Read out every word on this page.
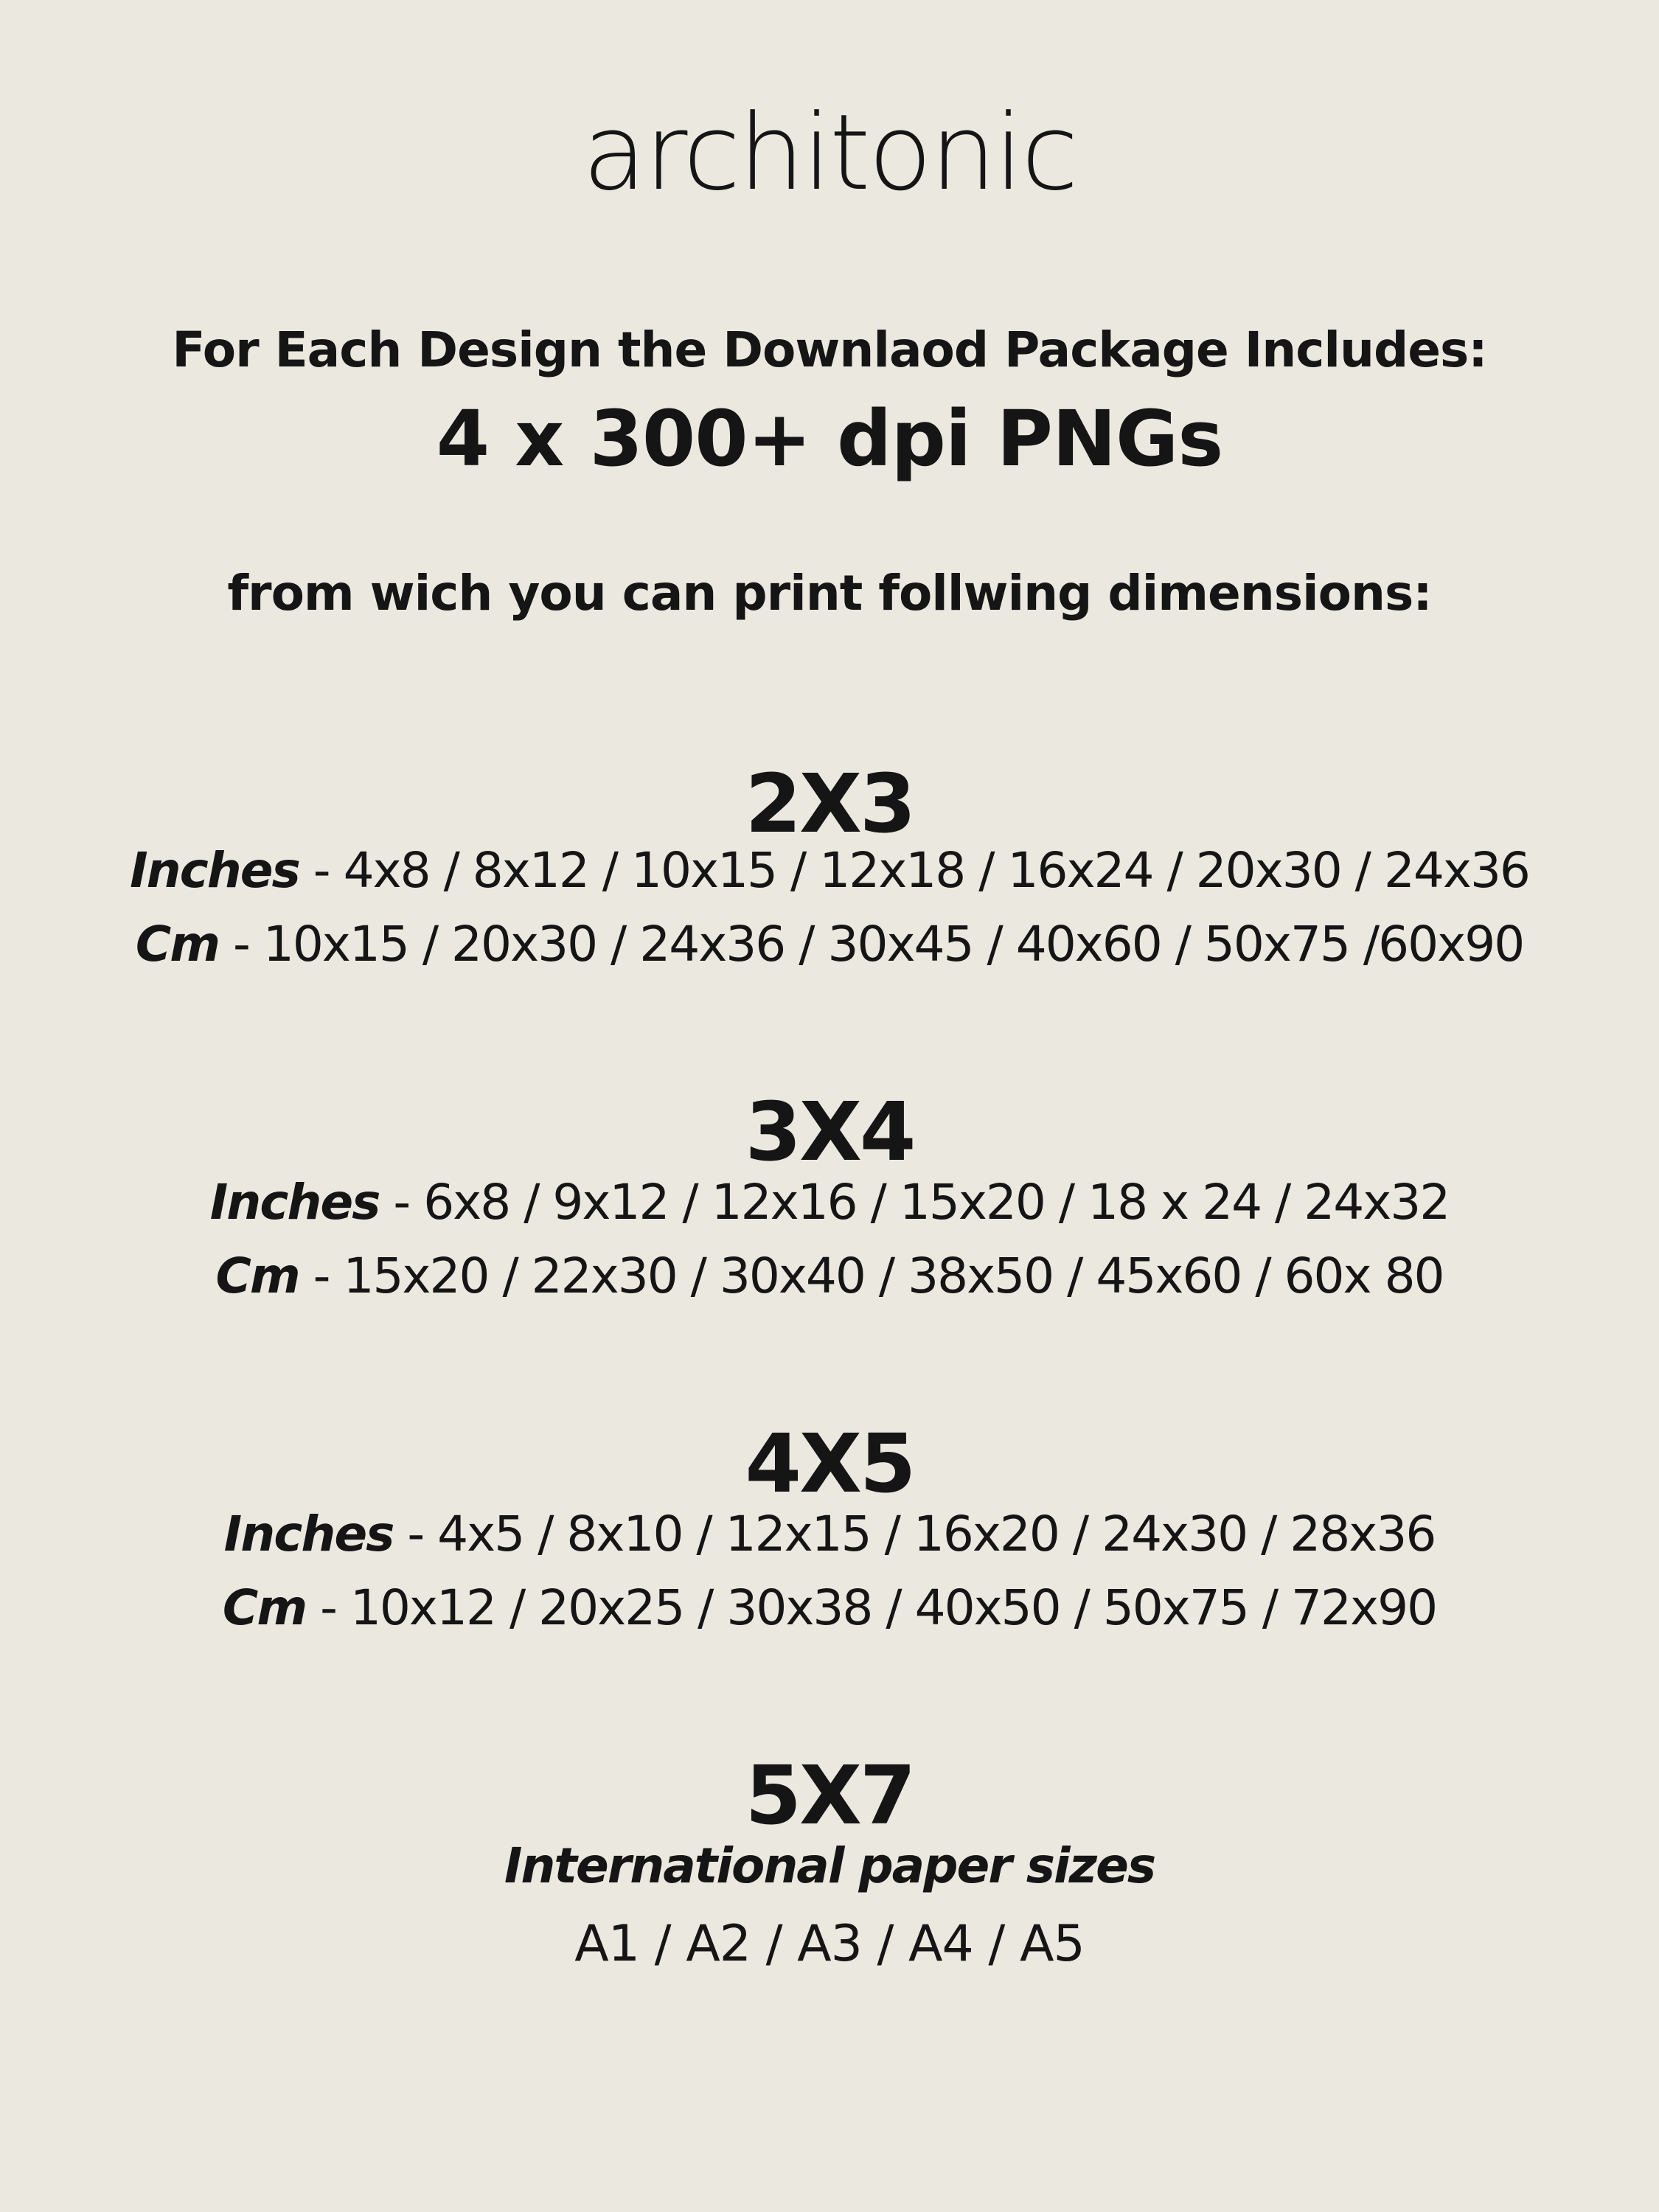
architonic
For Each Design the Downlaod Package Includes:
4 x 300+ dpi PNGs
from wich you can print follwing dimensions:
2X3
Inches - 4x8 / 8x12 / 10x15 / 12x18 / 16x24 / 20x30 / 24x36
Cm - 10x15 / 20x30 / 24x36 / 30x45 / 40x60 / 50x75 /60x90
3X4
Inches - 6x8 / 9x12 / 12x16 / 15x20 / 18 x 24 / 24x32
Cm - 15x20 / 22x30 / 30x40 / 38x50 / 45x60 / 60x 80
4X5
Inches - 4x5 / 8x10 / 12x15 / 16x20 / 24x30 / 28x36
Cm - 10x12 / 20x25 / 30x38 / 40x50 / 50x75 / 72x90
5X7
International paper sizes
A1 / A2 / A3 / A4 / A5
